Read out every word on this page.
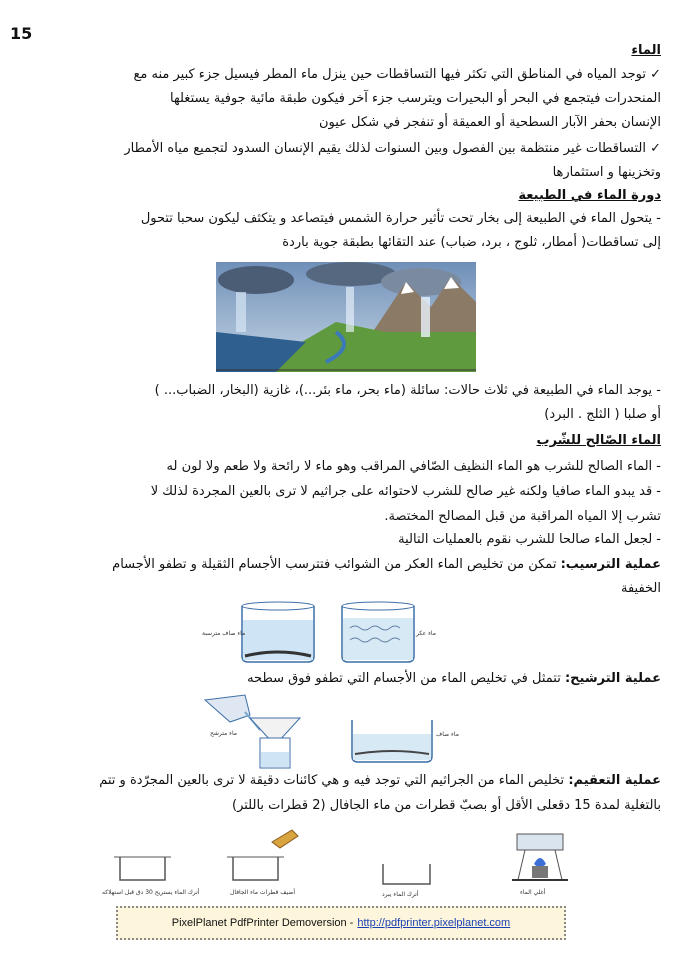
15
الماء
✓ توجد المياه في المناطق التي تكثر فيها التساقطات حين ينزل ماء المطر فيسيل جزء كبير منه مع
المنحدرات فيتجمع في البحر أو البحيرات ويترسب جزء آخر فيكون طبقة مائية جوفية يستغلها
الإنسان بحفر الآبار السطحية أو العميقة أو تنفجر في شكل عيون
✓ التساقطات غير منتظمة بين الفصول وبين السنوات لذلك يقيم الإنسان السدود لتجميع مياه الأمطار
وتخزينها و استثمارها
دورة الماء في الطبيعة
- يتحول الماء في الطبيعة إلى بخار تحت تأثير حرارة الشمس فيتصاعد و يتكثف ليكون سحبا تتحول
إلى تساقطات( أمطار، ثلوج ، برد، ضباب) عند التقائها بطبقة جوية باردة
- يوجد الماء في الطبيعة في ثلاث حالات: سائلة (ماء بحر، ماء بئر...)، غازية (البخار، الضباب... )
أو صلبا ( الثلج . البرد)
الماء الصّالح للشّرب
- الماء الصالح للشرب هو الماء النظيف الصّافي المراقب وهو ماء لا رائحة ولا طعم ولا لون له
- قد يبدو الماء صافيا ولكنه غير صالح للشرب لاحتوائه على جراثيم لا ترى بالعين المجردة لذلك لا
تشرب إلا المياه المراقبة من قبل المصالح المختصة.
- لجعل الماء صالحا للشرب نقوم بالعمليات التالية
عملية الترسيب: تمكن من تخليص الماء العكر من الشوائب فتترسب الأجسام الثقيلة و تطفو الأجسام
الخفيفة
ماء صاف مترسبة	ماء عكر
عملية الترشيح: تتمثل في تخليص الماء من الأجسام التي تطفو فوق سطحه
ماء مترشح	ماء صاف
عملية التعقيم: تخليص الماء من الجراثيم التي توجد فيه و هي كائنات دقيقة لا ترى بالعين المجرّدة و تتم
بالتغلية لمدة 15 دقعلى الأقل أو بصبّ قطرات من ماء الجافال (2 قطرات باللتر)
أترك الماء يستريح 30 دق قبل استهلاكه	أضيف قطرات ماء الجافال	أترك الماء يبرد	أغلي الماء
PixelPlanet PdfPrinter Demoversion - http://pdfprinter.pixelplanet.com
